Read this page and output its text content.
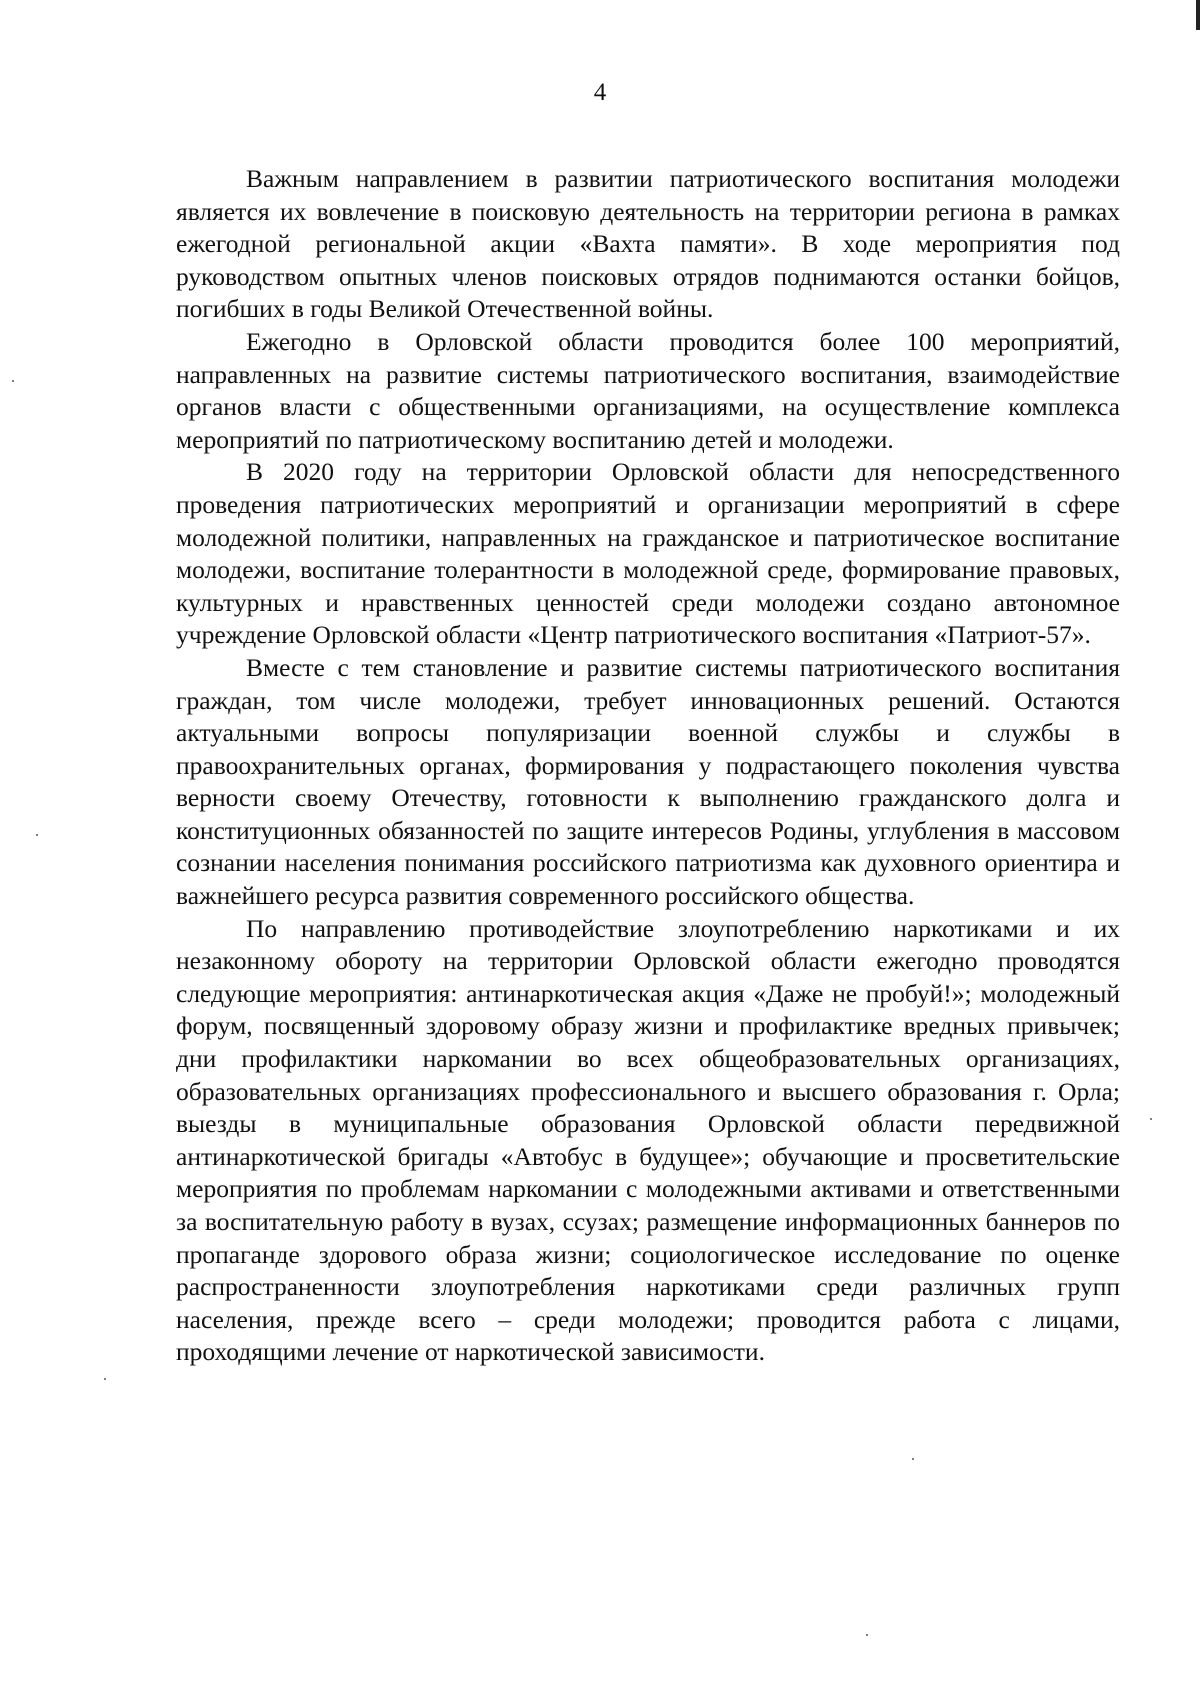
4

Важным направлением в развитии патриотического воспитания молодежи является их вовлечение в поисковую деятельность на территории региона в рамках ежегодной региональной акции «Вахта памяти». В ходе мероприятия под руководством опытных членов поисковых отрядов поднимаются останки бойцов, погибших в годы Великой Отечественной войны.

Ежегодно в Орловской области проводится более 100 мероприятий, направленных на развитие системы патриотического воспитания, взаимодействие органов власти с общественными организациями, на осуществление комплекса мероприятий по патриотическому воспитанию детей и молодежи.

В 2020 году на территории Орловской области для непосредственного проведения патриотических мероприятий и организации мероприятий в сфере молодежной политики, направленных на гражданское и патриотическое воспитание молодежи, воспитание толерантности в молодежной среде, формирование правовых, культурных и нравственных ценностей среди молодежи создано автономное учреждение Орловской области «Центр патриотического воспитания «Патриот-57».

Вместе с тем становление и развитие системы патриотического воспитания граждан, том числе молодежи, требует инновационных решений. Остаются актуальными вопросы популяризации военной службы и службы в правоохранительных органах, формирования у подрастающего поколения чувства верности своему Отечеству, готовности к выполнению гражданского долга и конституционных обязанностей по защите интересов Родины, углубления в массовом сознании населения понимания российского патриотизма как духовного ориентира и важнейшего ресурса развития современного российского общества.

По направлению противодействие злоупотреблению наркотиками и их незаконному обороту на территории Орловской области ежегодно проводятся следующие мероприятия: антинаркотическая акция «Даже не пробуй!»; молодежный форум, посвященный здоровому образу жизни и профилактике вредных привычек; дни профилактики наркомании во всех общеобразовательных организациях, образовательных организациях профессионального и высшего образования г. Орла; выезды в муниципальные образования Орловской области передвижной антинаркотической бригады «Автобус в будущее»; обучающие и просветительские мероприятия по проблемам наркомании с молодежными активами и ответственными за воспитательную работу в вузах, ссузах; размещение информационных баннеров по пропаганде здорового образа жизни; социологическое исследование по оценке распространенности злоупотребления наркотиками среди различных групп населения, прежде всего – среди молодежи; проводится работа с лицами, проходящими лечение от наркотической зависимости.
